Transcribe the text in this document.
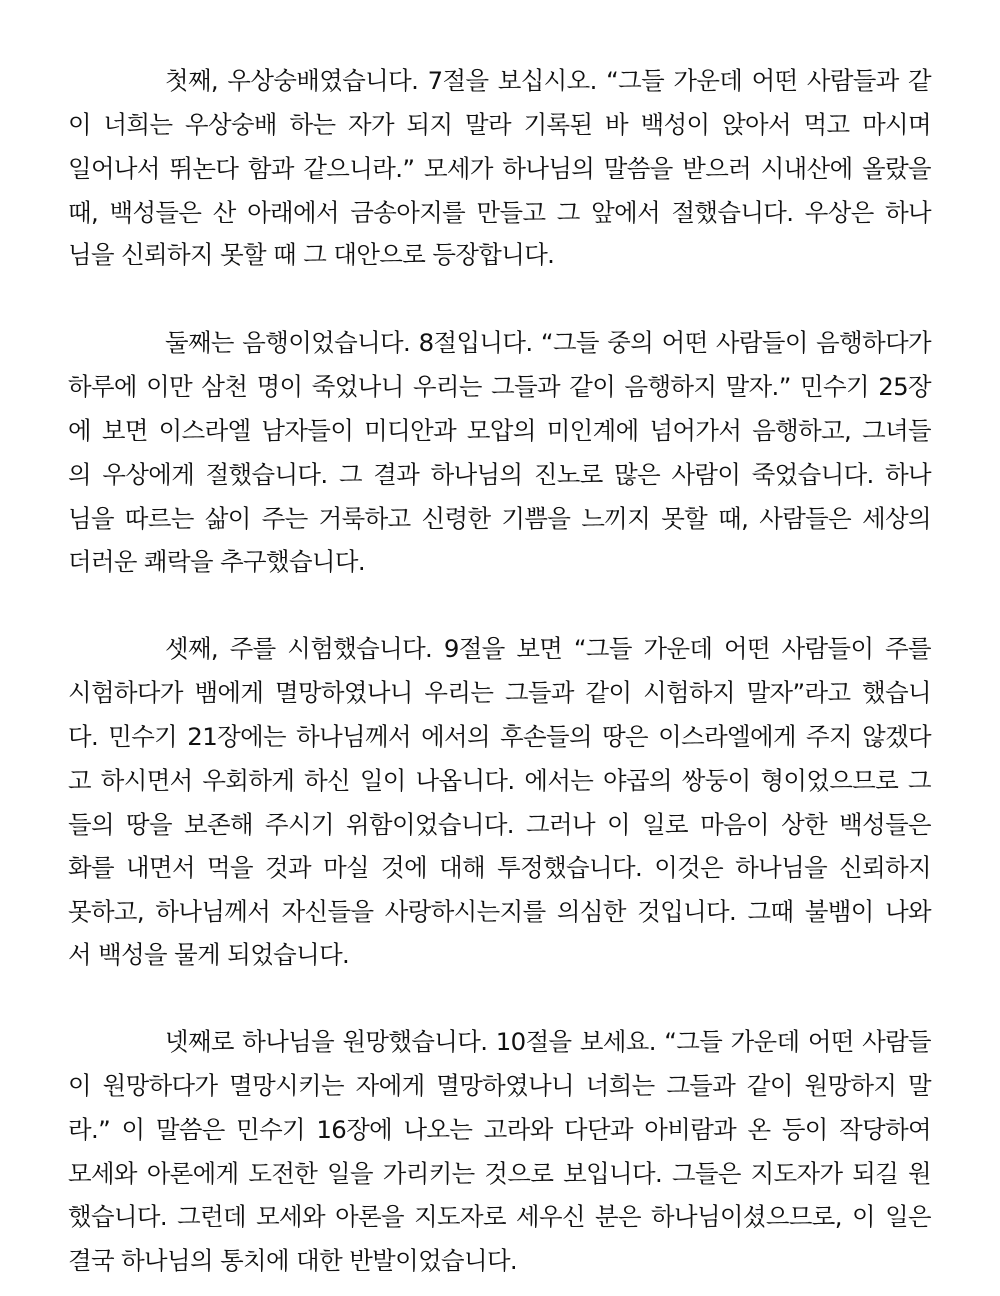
첫째, 우상숭배였습니다. 7절을 보십시오. “그들 가운데 어떤 사람들과 같

이 너희는 우상숭배 하는 자가 되지 말라 기록된 바 백성이 앉아서 먹고 마시며

일어나서 뛰논다 함과 같으니라.” 모세가 하나님의 말씀을 받으러 시내산에 올랐을

때, 백성들은 산 아래에서 금송아지를 만들고 그 앞에서 절했습니다. 우상은 하나

님을 신뢰하지 못할 때 그 대안으로 등장합니다.

둘째는 음행이었습니다. 8절입니다. “그들 중의 어떤 사람들이 음행하다가

하루에 이만 삼천 명이 죽었나니 우리는 그들과 같이 음행하지 말자.” 민수기 25장

에 보면 이스라엘 남자들이 미디안과 모압의 미인계에 넘어가서 음행하고, 그녀들

의 우상에게 절했습니다. 그 결과 하나님의 진노로 많은 사람이 죽었습니다. 하나

님을 따르는 삶이 주는 거룩하고 신령한 기쁨을 느끼지 못할 때, 사람들은 세상의

더러운 쾌락을 추구했습니다.

셋째, 주를 시험했습니다. 9절을 보면 “그들 가운데 어떤 사람들이 주를

시험하다가 뱀에게 멸망하였나니 우리는 그들과 같이 시험하지 말자”라고 했습니

다. 민수기 21장에는 하나님께서 에서의 후손들의 땅은 이스라엘에게 주지 않겠다

고 하시면서 우회하게 하신 일이 나옵니다. 에서는 야곱의 쌍둥이 형이었으므로 그

들의 땅을 보존해 주시기 위함이었습니다. 그러나 이 일로 마음이 상한 백성들은

화를 내면서 먹을 것과 마실 것에 대해 투정했습니다. 이것은 하나님을 신뢰하지

못하고, 하나님께서 자신들을 사랑하시는지를 의심한 것입니다. 그때 불뱀이 나와

서 백성을 물게 되었습니다.

넷째로 하나님을 원망했습니다. 10절을 보세요. “그들 가운데 어떤 사람들

이 원망하다가 멸망시키는 자에게 멸망하였나니 너희는 그들과 같이 원망하지 말

라.” 이 말씀은 민수기 16장에 나오는 고라와 다단과 아비람과 온 등이 작당하여

모세와 아론에게 도전한 일을 가리키는 것으로 보입니다. 그들은 지도자가 되길 원

했습니다. 그런데 모세와 아론을 지도자로 세우신 분은 하나님이셨으므로, 이 일은

결국 하나님의 통치에 대한 반발이었습니다.
